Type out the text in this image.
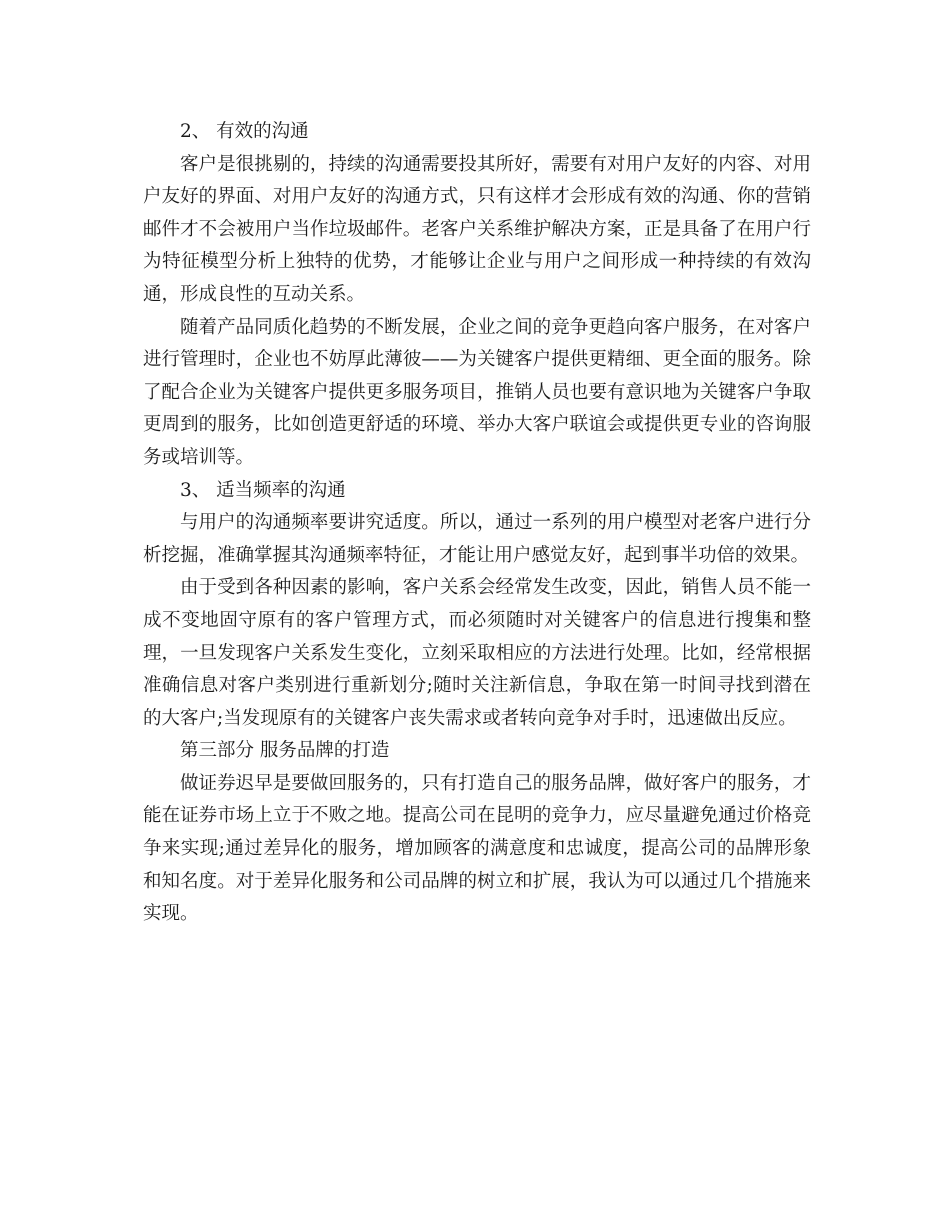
2、 有效的沟通

客户是很挑剔的，持续的沟通需要投其所好，需要有对用户友好的内容、对用户友好的界面、对用户友好的沟通方式，只有这样才会形成有效的沟通、你的营销邮件才不会被用户当作垃圾邮件。老客户关系维护解决方案，正是具备了在用户行为特征模型分析上独特的优势，才能够让企业与用户之间形成一种持续的有效沟通，形成良性的互动关系。

随着产品同质化趋势的不断发展，企业之间的竞争更趋向客户服务，在对客户进行管理时，企业也不妨厚此薄彼——为关键客户提供更精细、更全面的服务。除了配合企业为关键客户提供更多服务项目，推销人员也要有意识地为关键客户争取更周到的服务，比如创造更舒适的环境、举办大客户联谊会或提供更专业的咨询服务或培训等。

3、 适当频率的沟通

与用户的沟通频率要讲究适度。所以，通过一系列的用户模型对老客户进行分析挖掘，准确掌握其沟通频率特征，才能让用户感觉友好，起到事半功倍的效果。

由于受到各种因素的影响，客户关系会经常发生改变，因此，销售人员不能一成不变地固守原有的客户管理方式，而必须随时对关键客户的信息进行搜集和整理，一旦发现客户关系发生变化，立刻采取相应的方法进行处理。比如，经常根据准确信息对客户类别进行重新划分;随时关注新信息，争取在第一时间寻找到潜在的大客户;当发现原有的关键客户丧失需求或者转向竞争对手时，迅速做出反应。

第三部分 服务品牌的打造

做证券迟早是要做回服务的，只有打造自己的服务品牌，做好客户的服务，才能在证券市场上立于不败之地。提高公司在昆明的竞争力，应尽量避免通过价格竞争来实现;通过差异化的服务，增加顾客的满意度和忠诚度，提高公司的品牌形象和知名度。对于差异化服务和公司品牌的树立和扩展，我认为可以通过几个措施来实现。
